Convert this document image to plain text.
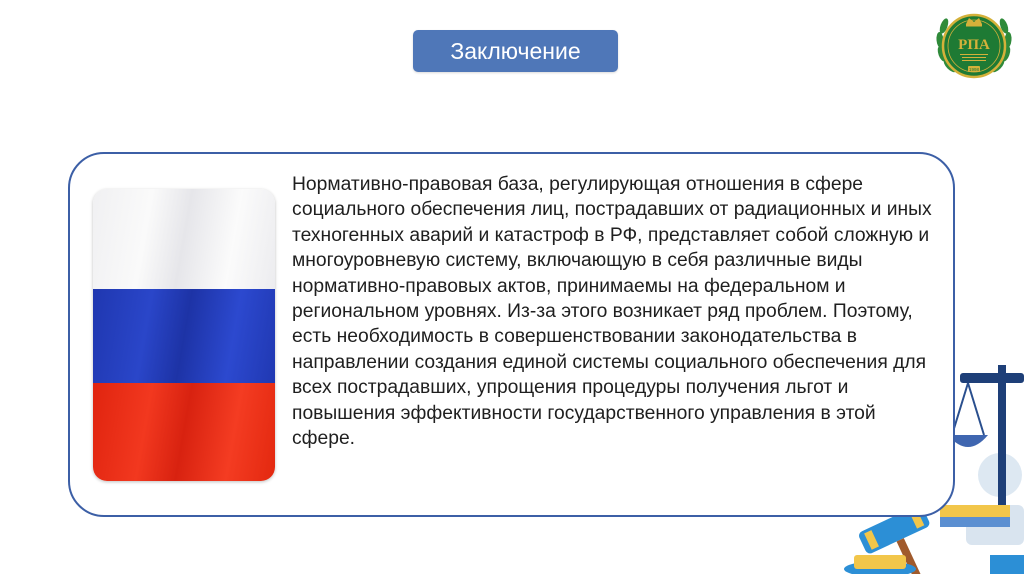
Заключение	РПА
1998

Нормативно-правовая база, регулирующая отношения в сфере социального обеспечения лиц, пострадавших от радиационных и иных техногенных аварий и катастроф в РФ, представляет собой сложную и многоуровневую систему, включающую в себя различные виды нормативно-правовых актов, принимаемы на федеральном и региональном уровнях. Из-за этого возникает ряд проблем. Поэтому, есть необходимость в совершенствовании законодательства в направлении создания единой системы социального обеспечения для всех пострадавших, упрощения процедуры получения льгот и повышения эффективности государственного управления в этой сфере.
